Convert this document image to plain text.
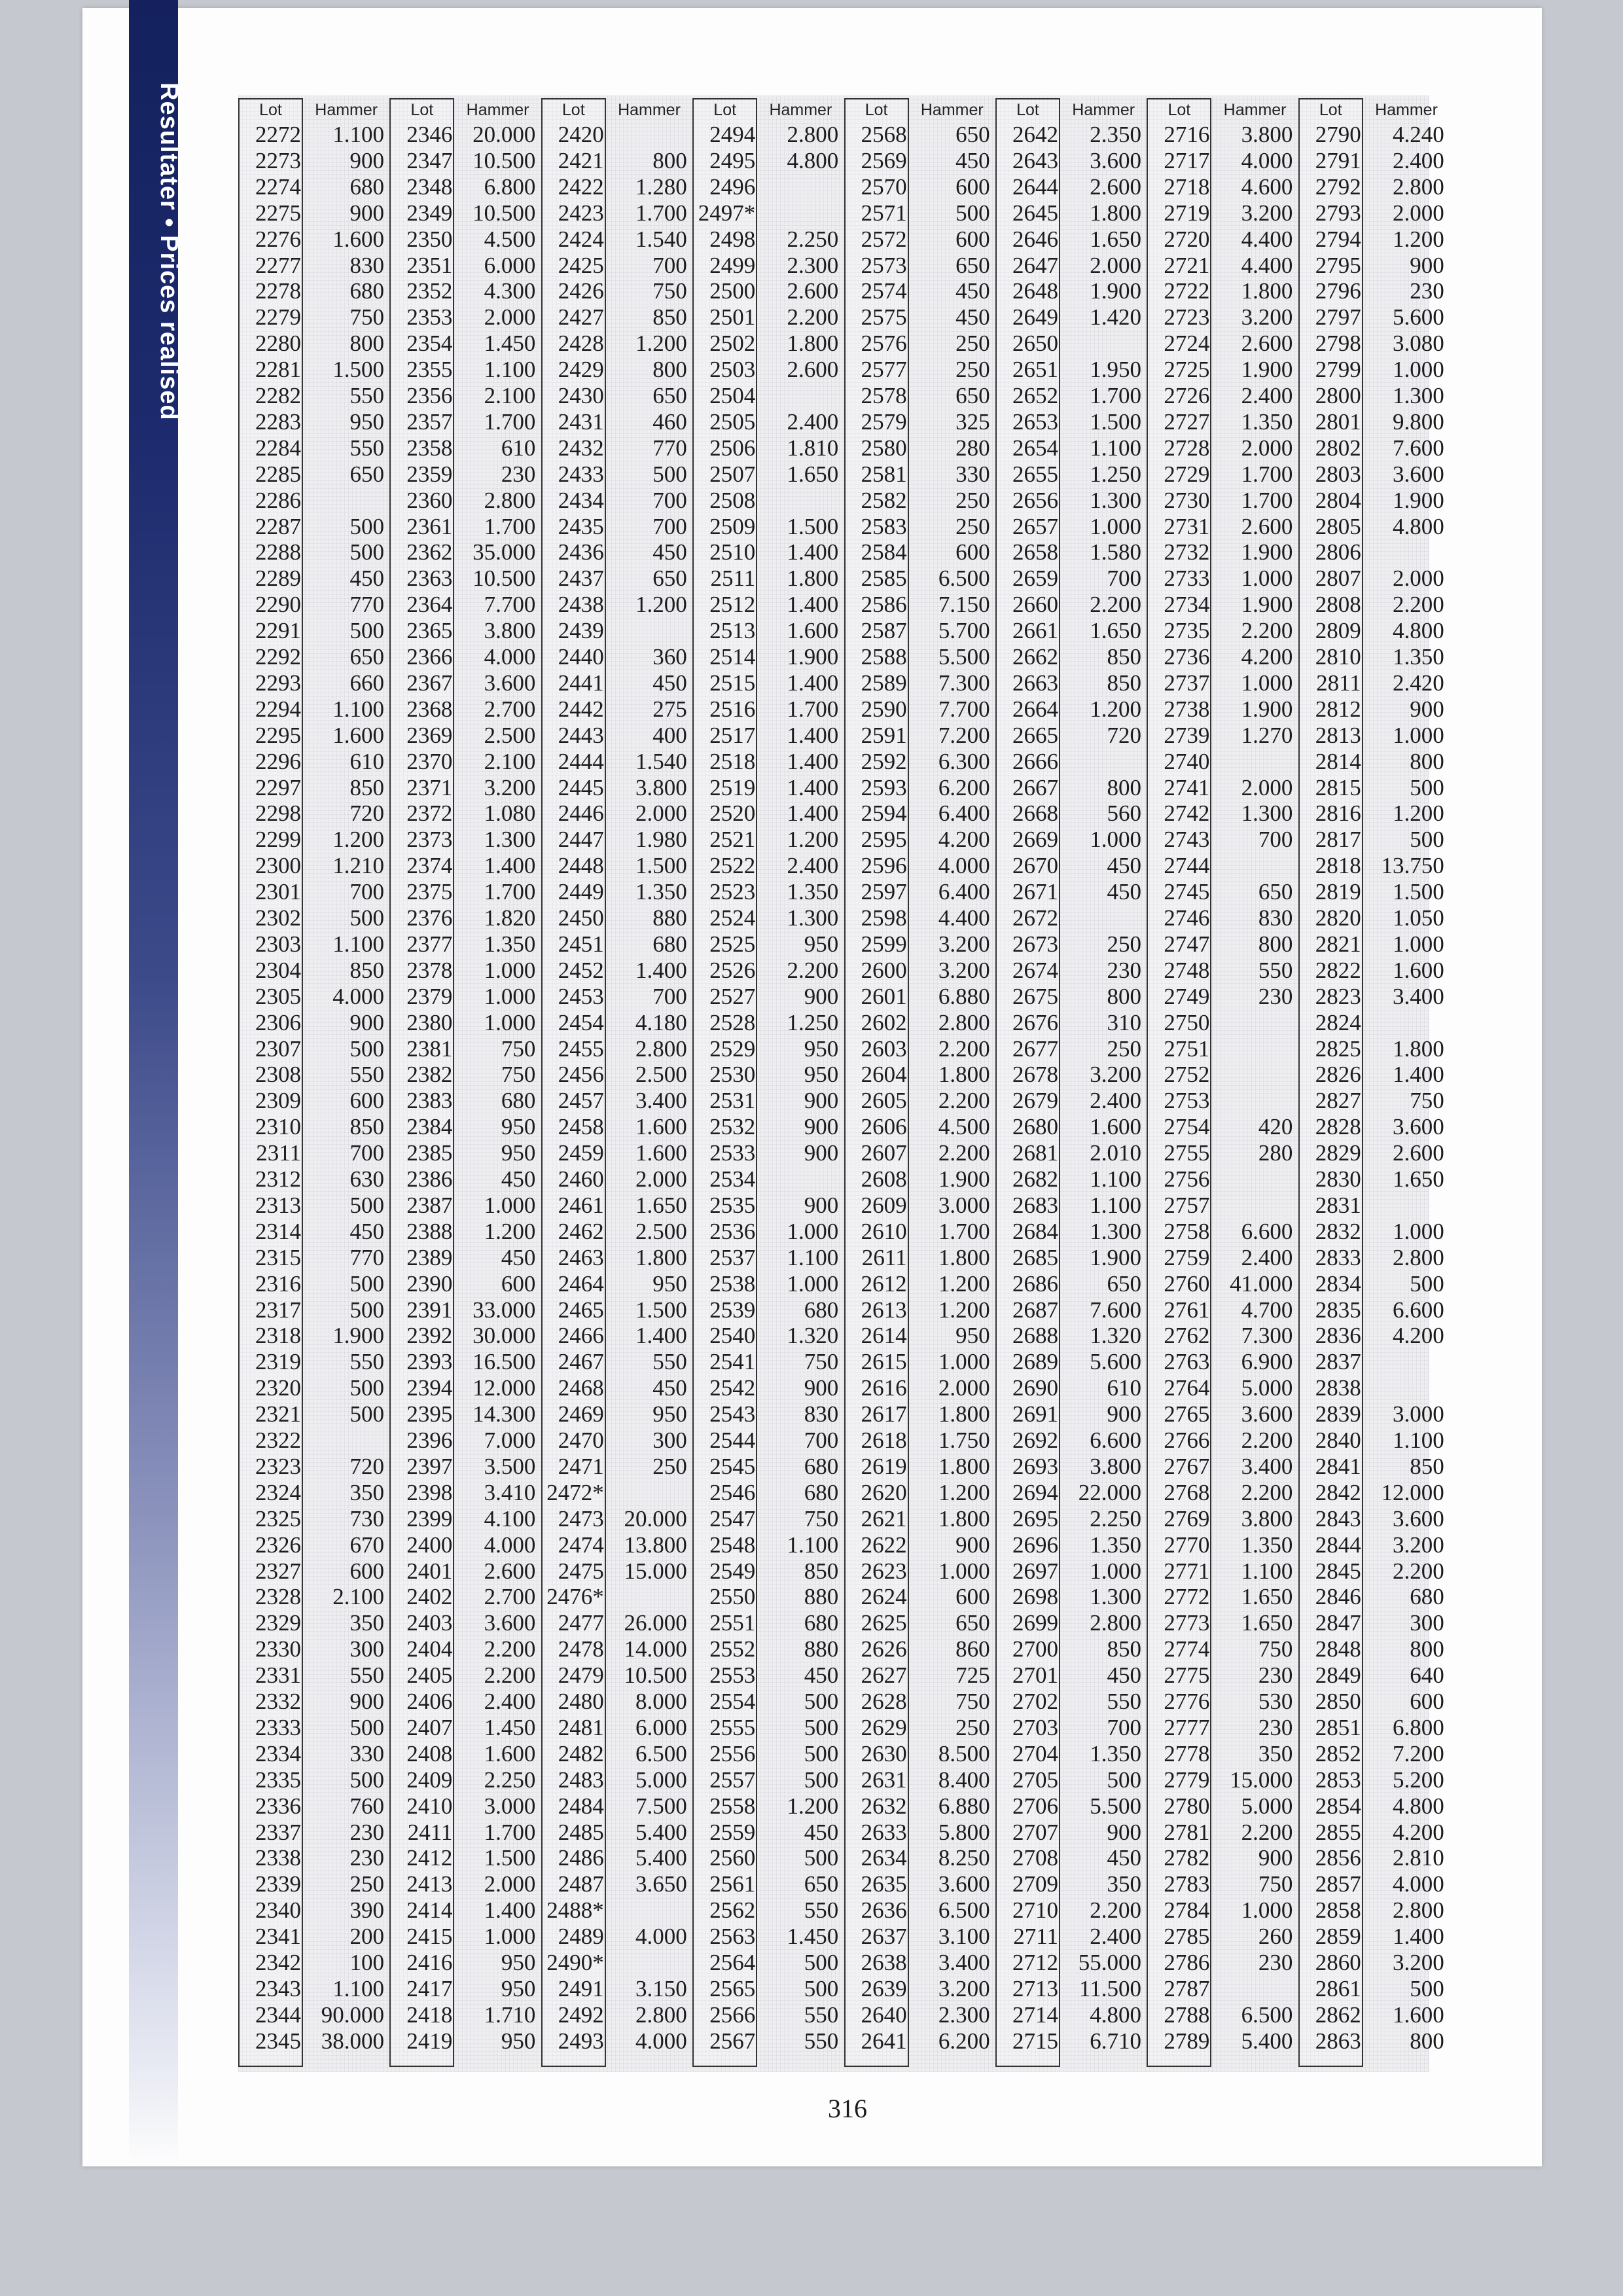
Resultater • Prices realised	Lot	Hammer
2272	1.100
2273	900
2274	680
2275	900
2276	1.600
2277	830
2278	680
2279	750
2280	800
2281	1.500
2282	550
2283	950
2284	550
2285	650
2286
2287	500
2288	500
2289	450
2290	770
2291	500
2292	650
2293	660
2294	1.100
2295	1.600
2296	610
2297	850
2298	720
2299	1.200
2300	1.210
2301	700
2302	500
2303	1.100
2304	850
2305	4.000
2306	900
2307	500
2308	550
2309	600
2310	850
2311	700
2312	630
2313	500
2314	450
2315	770
2316	500
2317	500
2318	1.900
2319	550
2320	500
2321	500
2322
2323	720
2324	350
2325	730
2326	670
2327	600
2328	2.100
2329	350
2330	300
2331	550
2332	900
2333	500
2334	330
2335	500
2336	760
2337	230
2338	230
2339	250
2340	390
2341	200
2342	100
2343	1.100
2344 90.000
2345 38.000
Lot	Hammer
2346 20.000
2347 10.500
2348	6.800
2349 10.500
2350	4.500
2351	6.000
2352	4.300
2353	2.000
2354	1.450
2355	1.100
2356	2.100
2357	1.700
2358	610
2359	230
2360	2.800
2361	1.700
2362 35.000
2363 10.500
2364	7.700
2365	3.800
2366	4.000
2367	3.600
2368	2.700
2369	2.500
2370	2.100
2371	3.200
2372	1.080
2373	1.300
2374	1.400
2375	1.700
2376	1.820
2377	1.350
2378	1.000
2379	1.000
2380	1.000
2381	750
2382	750
2383	680
2384	950
2385	950
2386	450
2387	1.000
2388	1.200
2389	450
2390	600
2391 33.000
2392 30.000
2393 16.500
2394 12.000
2395 14.300
2396	7.000
2397	3.500
2398	3.410
2399	4.100
2400	4.000
2401	2.600
2402	2.700
2403	3.600
2404	2.200
2405	2.200
2406	2.400
2407	1.450
2408	1.600
2409	2.250
2410	3.000
2411	1.700
2412	1.500
2413	2.000
2414	1.400
2415	1.000
2416	950
2417	950
2418	1.710
2419	950
Lot	Hammer
2420
2421	800
2422	1.280
2423	1.700
2424	1.540
2425	700
2426	750
2427	850
2428	1.200
2429	800
2430	650
2431	460
2432	770
2433	500
2434	700
2435	700
2436	450
2437	650
2438	1.200
2439
2440	360
2441	450
2442	275
2443	400
2444	1.540
2445	3.800
2446	2.000
2447	1.980
2448	1.500
2449	1.350
2450	880
2451	680
2452	1.400
2453	700
2454	4.180
2455	2.800
2456	2.500
2457	3.400
2458	1.600
2459	1.600
2460	2.000
2461	1.650
2462	2.500
2463	1.800
2464	950
2465	1.500
2466	1.400
2467	550
2468	450
2469	950
2470	300
2471	250
2472*
2473 20.000
2474 13.800
2475 15.000
2476*
2477 26.000
2478 14.000
2479 10.500
2480	8.000
2481	6.000
2482	6.500
2483	5.000
2484	7.500
2485	5.400
2486	5.400
2487	3.650
2488*
2489	4.000
2490*
2491	3.150
2492	2.800
2493	4.000
Lot	Hammer
2494	2.800
2495	4.800
2496
2497*
2498	2.250
2499	2.300
2500	2.600
2501	2.200
2502	1.800
2503	2.600
2504
2505	2.400
2506	1.810
2507	1.650
2508
2509	1.500
2510	1.400
2511	1.800
2512	1.400
2513	1.600
2514	1.900
2515	1.400
2516	1.700
2517	1.400
2518	1.400
2519	1.400
2520	1.400
2521	1.200
2522	2.400
2523	1.350
2524	1.300
2525	950
2526	2.200
2527	900
2528	1.250
2529	950
2530	950
2531	900
2532	900
2533	900
2534
2535	900
2536	1.000
2537	1.100
2538	1.000
2539	680
2540	1.320
2541	750
2542	900
2543	830
2544	700
2545	680
2546	680
2547	750
2548	1.100
2549	850
2550	880
2551	680
2552	880
2553	450
2554	500
2555	500
2556	500
2557	500
2558	1.200
2559	450
2560	500
2561	650
2562	550
2563	1.450
2564	500
2565	500
2566	550
2567	550
Lot	Hammer
2568	650
2569	450
2570	600
2571	500
2572	600
2573	650
2574	450
2575	450
2576	250
2577	250
2578	650
2579	325
2580	280
2581	330
2582	250
2583	250
2584	600
2585	6.500
2586	7.150
2587	5.700
2588	5.500
2589	7.300
2590	7.700
2591	7.200
2592	6.300
2593	6.200
2594	6.400
2595	4.200
2596	4.000
2597	6.400
2598	4.400
2599	3.200
2600	3.200
2601	6.880
2602	2.800
2603	2.200
2604	1.800
2605	2.200
2606	4.500
2607	2.200
2608	1.900
2609	3.000
2610	1.700
2611	1.800
2612	1.200
2613	1.200
2614	950
2615	1.000
2616	2.000
2617	1.800
2618	1.750
2619	1.800
2620	1.200
2621	1.800
2622	900
2623	1.000
2624	600
2625	650
2626	860
2627	725
2628	750
2629	250
2630	8.500
2631	8.400
2632	6.880
2633	5.800
2634	8.250
2635	3.600
2636	6.500
2637	3.100
2638	3.400
2639	3.200
2640	2.300
2641	6.200
Lot	Hammer
2642	2.350
2643	3.600
2644	2.600
2645	1.800
2646	1.650
2647	2.000
2648	1.900
2649	1.420
2650
2651	1.950
2652	1.700
2653	1.500
2654	1.100
2655	1.250
2656	1.300
2657	1.000
2658	1.580
2659	700
2660	2.200
2661	1.650
2662	850
2663	850
2664	1.200
2665	720
2666
2667	800
2668	560
2669	1.000
2670	450
2671	450
2672
2673	250
2674	230
2675	800
2676	310
2677	250
2678	3.200
2679	2.400
2680	1.600
2681	2.010
2682	1.100
2683	1.100
2684	1.300
2685	1.900
2686	650
2687	7.600
2688	1.320
2689	5.600
2690	610
2691	900
2692	6.600
2693	3.800
2694 22.000
2695	2.250
2696	1.350
2697	1.000
2698	1.300
2699	2.800
2700	850
2701	450
2702	550
2703	700
2704	1.350
2705	500
2706	5.500
2707	900
2708	450
2709	350
2710	2.200
2711	2.400
2712 55.000
2713 11.500
2714	4.800
2715	6.710
Lot	Hammer
2716	3.800
2717	4.000
2718	4.600
2719	3.200
2720	4.400
2721	4.400
2722	1.800
2723	3.200
2724	2.600
2725	1.900
2726	2.400
2727	1.350
2728	2.000
2729	1.700
2730	1.700
2731	2.600
2732	1.900
2733	1.000
2734	1.900
2735	2.200
2736	4.200
2737	1.000
2738	1.900
2739	1.270
2740
2741	2.000
2742	1.300
2743	700
2744
2745	650
2746	830
2747	800
2748	550
2749	230
2750
2751
2752
2753
2754	420
2755	280
2756
2757
2758	6.600
2759	2.400
2760 41.000
2761	4.700
2762	7.300
2763	6.900
2764	5.000
2765	3.600
2766	2.200
2767	3.400
2768	2.200
2769	3.800
2770	1.350
2771	1.100
2772	1.650
2773	1.650
2774	750
2775	230
2776	530
2777	230
2778	350
2779 15.000
2780	5.000
2781	2.200
2782	900
2783	750
2784	1.000
2785	260
2786	230
2787
2788	6.500
2789	5.400
Lot	Hammer
2790	4.240
2791	2.400
2792	2.800
2793	2.000
2794	1.200
2795	900
2796	230
2797	5.600
2798	3.080
2799	1.000
2800	1.300
2801	9.800
2802	7.600
2803	3.600
2804	1.900
2805	4.800
2806
2807	2.000
2808	2.200
2809	4.800
2810	1.350
2811	2.420
2812	900
2813	1.000
2814	800
2815	500
2816	1.200
2817	500
2818 13.750
2819	1.500
2820	1.050
2821	1.000
2822	1.600
2823	3.400
2824
2825	1.800
2826	1.400
2827	750
2828	3.600
2829	2.600
2830	1.650
2831
2832	1.000
2833	2.800
2834	500
2835	6.600
2836	4.200
2837
2838
2839	3.000
2840	1.100
2841	850
2842 12.000
2843	3.600
2844	3.200
2845	2.200
2846	680
2847	300
2848	800
2849	640
2850	600
2851	6.800
2852	7.200
2853	5.200
2854	4.800
2855	4.200
2856	2.810
2857	4.000
2858	2.800
2859	1.400
2860	3.200
2861	500
2862	1.600
2863	800
316
